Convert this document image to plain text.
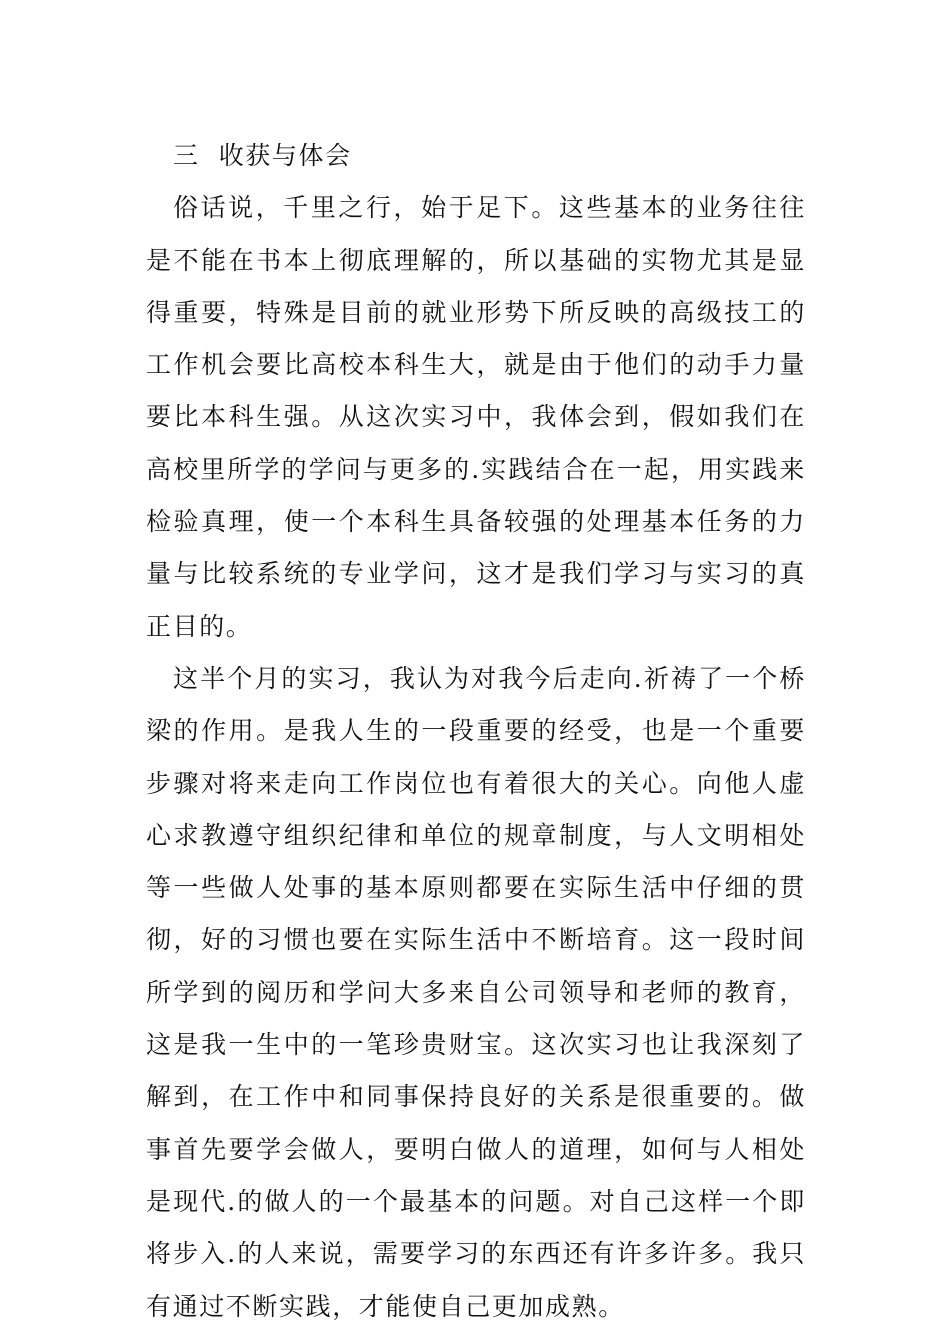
三  收获与体会

俗话说，千里之行，始于足下。这些基本的业务往往是不能在书本上彻底理解的，所以基础的实物尤其是显得重要，特殊是目前的就业形势下所反映的高级技工的工作机会要比高校本科生大，就是由于他们的动手力量要比本科生强。从这次实习中，我体会到，假如我们在高校里所学的学问与更多的.实践结合在一起，用实践来检验真理，使一个本科生具备较强的处理基本任务的力量与比较系统的专业学问，这才是我们学习与实习的真正目的。

这半个月的实习，我认为对我今后走向.祈祷了一个桥梁的作用。是我人生的一段重要的经受，也是一个重要步骤对将来走向工作岗位也有着很大的关心。向他人虚心求教遵守组织纪律和单位的规章制度，与人文明相处等一些做人处事的基本原则都要在实际生活中仔细的贯彻，好的习惯也要在实际生活中不断培育。这一段时间所学到的阅历和学问大多来自公司领导和老师的教育，这是我一生中的一笔珍贵财宝。这次实习也让我深刻了解到，在工作中和同事保持良好的关系是很重要的。做事首先要学会做人，要明白做人的道理，如何与人相处是现代.的做人的一个最基本的问题。对自己这样一个即将步入.的人来说，需要学习的东西还有许多许多。我只有通过不断实践，才能使自己更加成熟。
